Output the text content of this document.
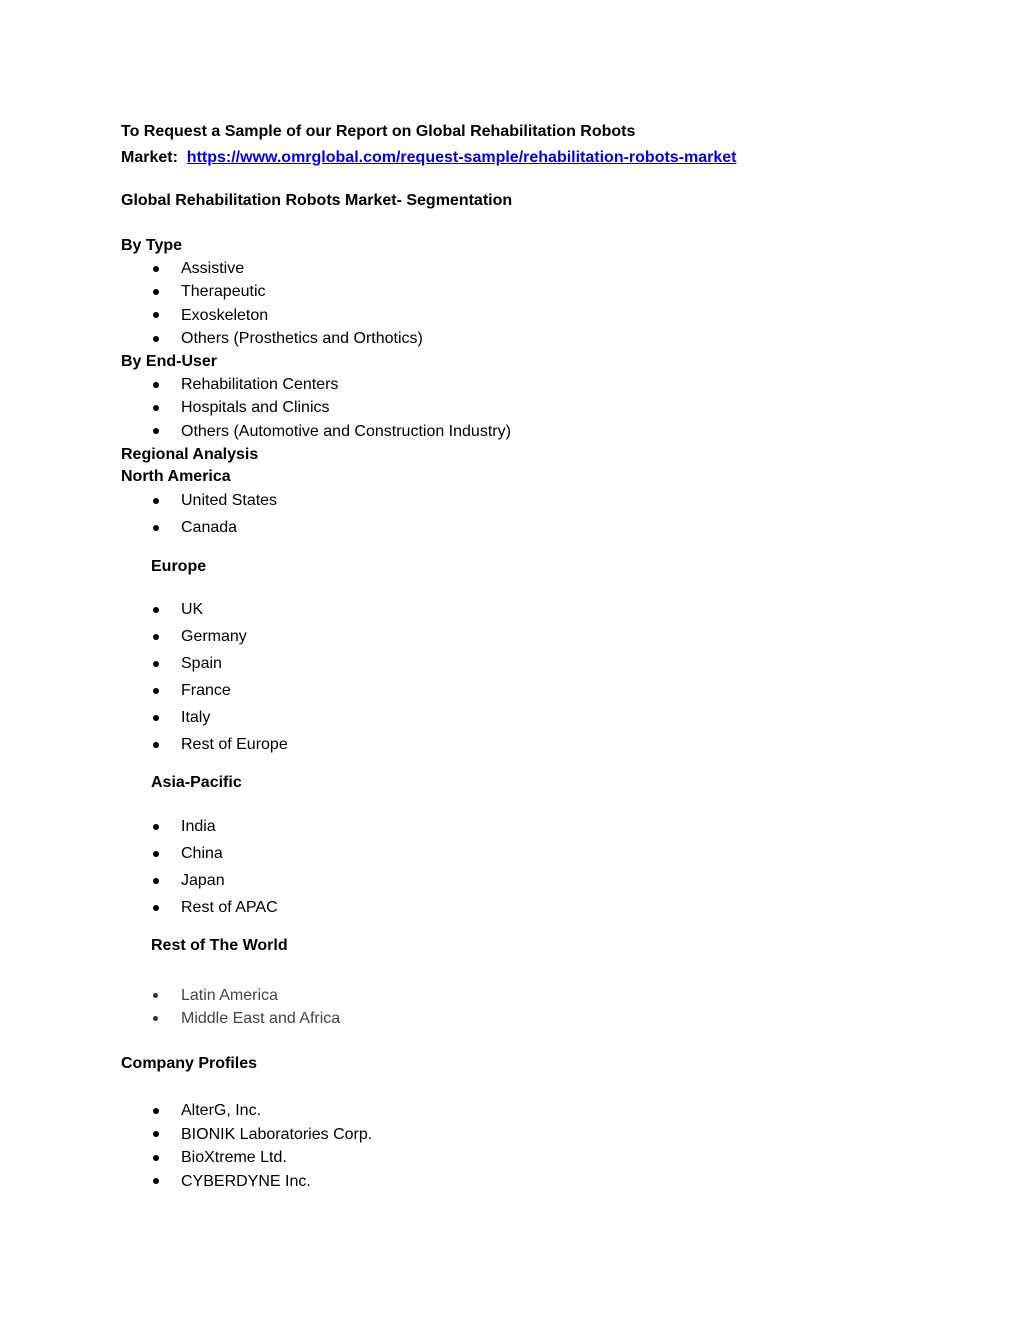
To Request a Sample of our Report on Global Rehabilitation Robots
Market: https://www.omrglobal.com/request-sample/rehabilitation-robots-market
Global Rehabilitation Robots Market- Segmentation
By Type
Assistive
Therapeutic
Exoskeleton
Others (Prosthetics and Orthotics)
By End-User
Rehabilitation Centers
Hospitals and Clinics
Others (Automotive and Construction Industry)
Regional Analysis
North America
United States
Canada
Europe
UK
Germany
Spain
France
Italy
Rest of Europe
Asia-Pacific
India
China
Japan
Rest of APAC
Rest of The World
Latin America
Middle East and Africa
Company Profiles
AlterG, Inc.
BIONIK Laboratories Corp.
BioXtreme Ltd.
CYBERDYNE Inc.
